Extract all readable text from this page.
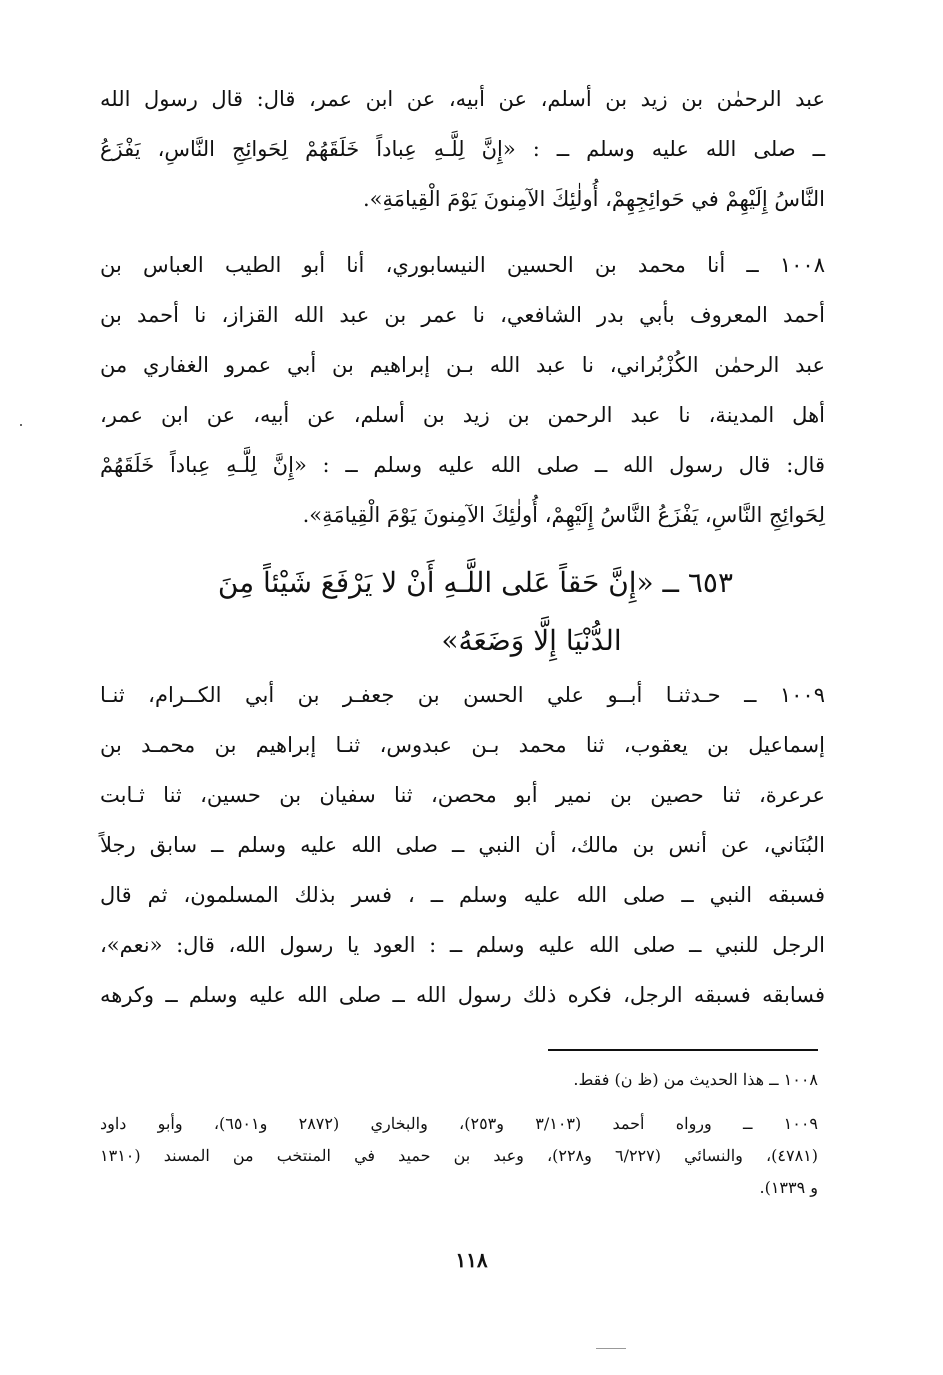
عبد الرحمٰن بن زيد بن أسلم، عن أبيه، عن ابن عمر، قال: قال رسول الله
ــ صلى الله عليه وسلم ــ : «إِنَّ لِلَّـهِ عِباداً خَلَقَهُمْ لِحَوائِجِ النَّاسِ، يَفْزَعُ
النَّاسُ إِلَيْهِمْ في حَوائِجِهِمْ، أُولٰئِكَ الآمِنونَ يَوْمَ الْقِيامَةِ».
١٠٠٨ ــ أنا محمد بن الحسين النيسابوري، أنا أبو الطيب العباس بن
أحمد المعروف بأبي بدر الشافعي، نا عمر بن عبد الله القزاز، نا أحمد بن
عبد الرحمٰن الكُزْبُراني، نا عبد الله بـن إبراهيم بن أبي عمرو الغفاري من
أهل المدينة، نا عبد الرحمن بن زيد بن أسلم، عن أبيه، عن ابن عمر،
قال: قال رسول الله ــ صلى الله عليه وسلم ــ : «إِنَّ لِلَّـهِ عِباداً خَلَقَهُمْ
لِحَوائِجِ النَّاسِ، يَفْزَعُ النَّاسُ إِلَيْهِمْ، أُولٰئِكَ الآمِنونَ يَوْمَ الْقِيامَةِ».
٦٥٣ ــ «إِنَّ حَقاً عَلى اللَّـهِ أَنْ لا يَرْفَعَ شَيْئاً مِنَ
الدُّنْيَا إِلَّا وَضَعَهُ»
١٠٠٩ ــ حـدثنـا أبــو علي الحسن بن جعفـر بن أبي الكــرام، ثنـا
إسماعيل بن يعقوب، ثنا محمد بـن عبدوس، ثنـا إبراهيم بن محمـد بن
عرعرة، ثنا حصين بن نمير أبو محصن، ثنا سفيان بن حسين، ثنا ثـابت
البُنَاني، عن أنس بن مالك، أن النبي ــ صلى الله عليه وسلم ــ سابق رجلاً
فسبقه النبي ــ صلى الله عليه وسلم ــ ، فسر بذلك المسلمون، ثم قال
الرجل للنبي ــ صلى الله عليه وسلم ــ : العود يا رسول الله، قال: «نعم»،
فسابقه فسبقه الرجل، فكره ذلك رسول الله ــ صلى الله عليه وسلم ــ وكرهه
١٠٠٨ ــ هذا الحديث من (ظ ن) فقط.
١٠٠٩ ــ ورواه أحمد (٣/١٠٣ و٢٥٣)، والبخاري (٢٨٧٢ و٦٥٠١)، وأبو داود
(٤٧٨١)، والنسائي (٦/٢٢٧ و٢٢٨)، وعبد بن حميد في المنتخب من المسند (١٣١٠
و ١٣٣٩).
١١٨
